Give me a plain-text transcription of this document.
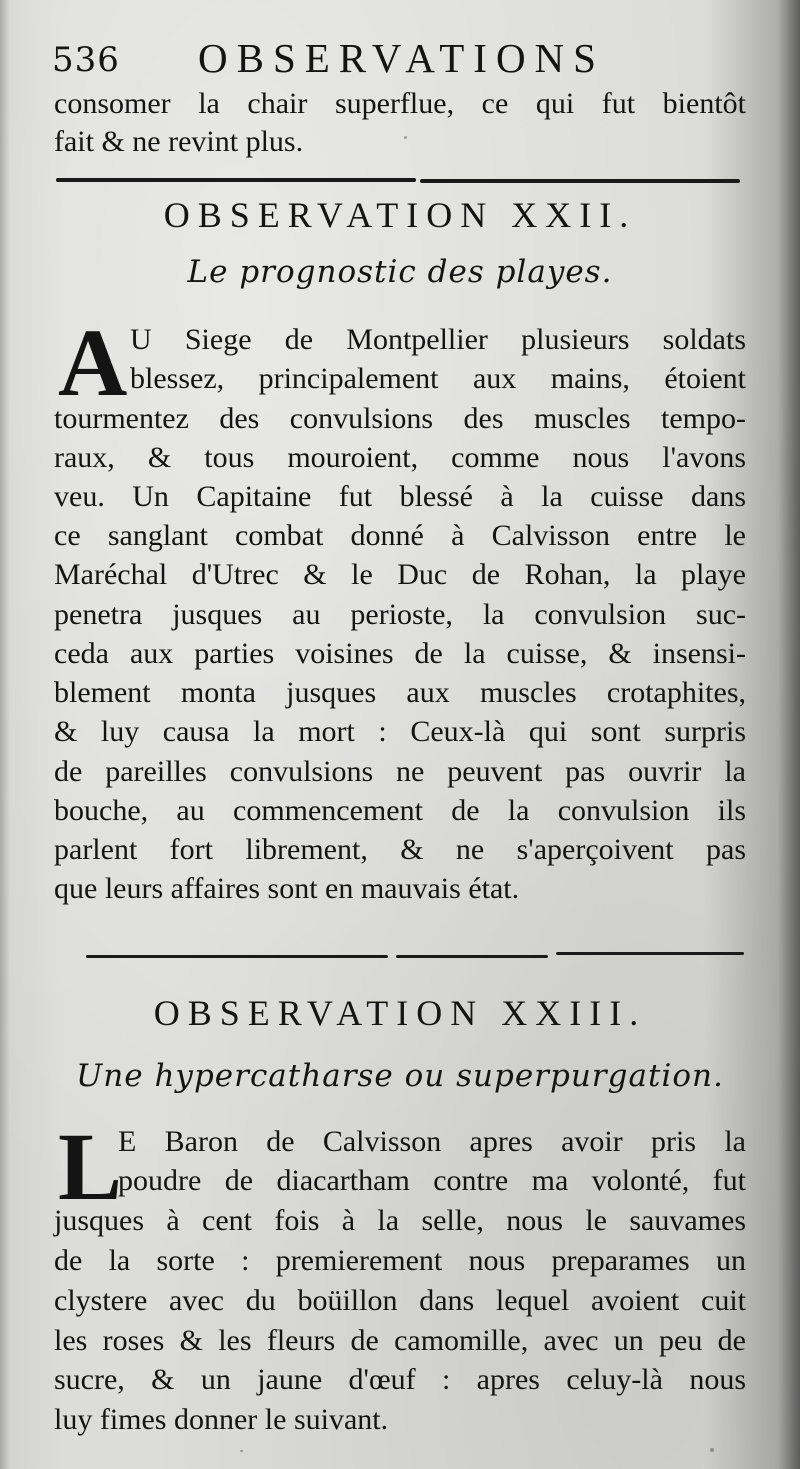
536 OBSERVATIONS
consomer la chair superflue, ce qui fut bientôt
fait & ne revint plus.
OBSERVATION XXII.
Le prognostic des playes.
A U Siege de Montpellier plusieurs soldats
blessez, principalement aux mains, étoient
tourmentez des convulsions des muscles tempo-
raux, & tous mouroient, comme nous l'avons
veu. Un Capitaine fut blessé à la cuisse dans
ce sanglant combat donné à Calvisson entre le
Maréchal d'Utrec & le Duc de Rohan, la playe
penetra jusques au perioste, la convulsion suc-
ceda aux parties voisines de la cuisse, & insensi-
blement monta jusques aux muscles crotaphites,
& luy causa la mort : Ceux-là qui sont surpris
de pareilles convulsions ne peuvent pas ouvrir la
bouche, au commencement de la convulsion ils
parlent fort librement, & ne s'aperçoivent pas
que leurs affaires sont en mauvais état.
OBSERVATION XXIII.
Une hypercatharse ou superpurgation.
L
E Baron de Calvisson apres avoir pris la
poudre de diacartham contre ma volonté, fut
jusques à cent fois à la selle, nous le sauvames
de la sorte : premierement nous preparames un
clystere avec du boüillon dans lequel avoient cuit
les roses & les fleurs de camomille, avec un peu de
sucre, & un jaune d'œuf : apres celuy-là nous
luy fimes donner le suivant.
